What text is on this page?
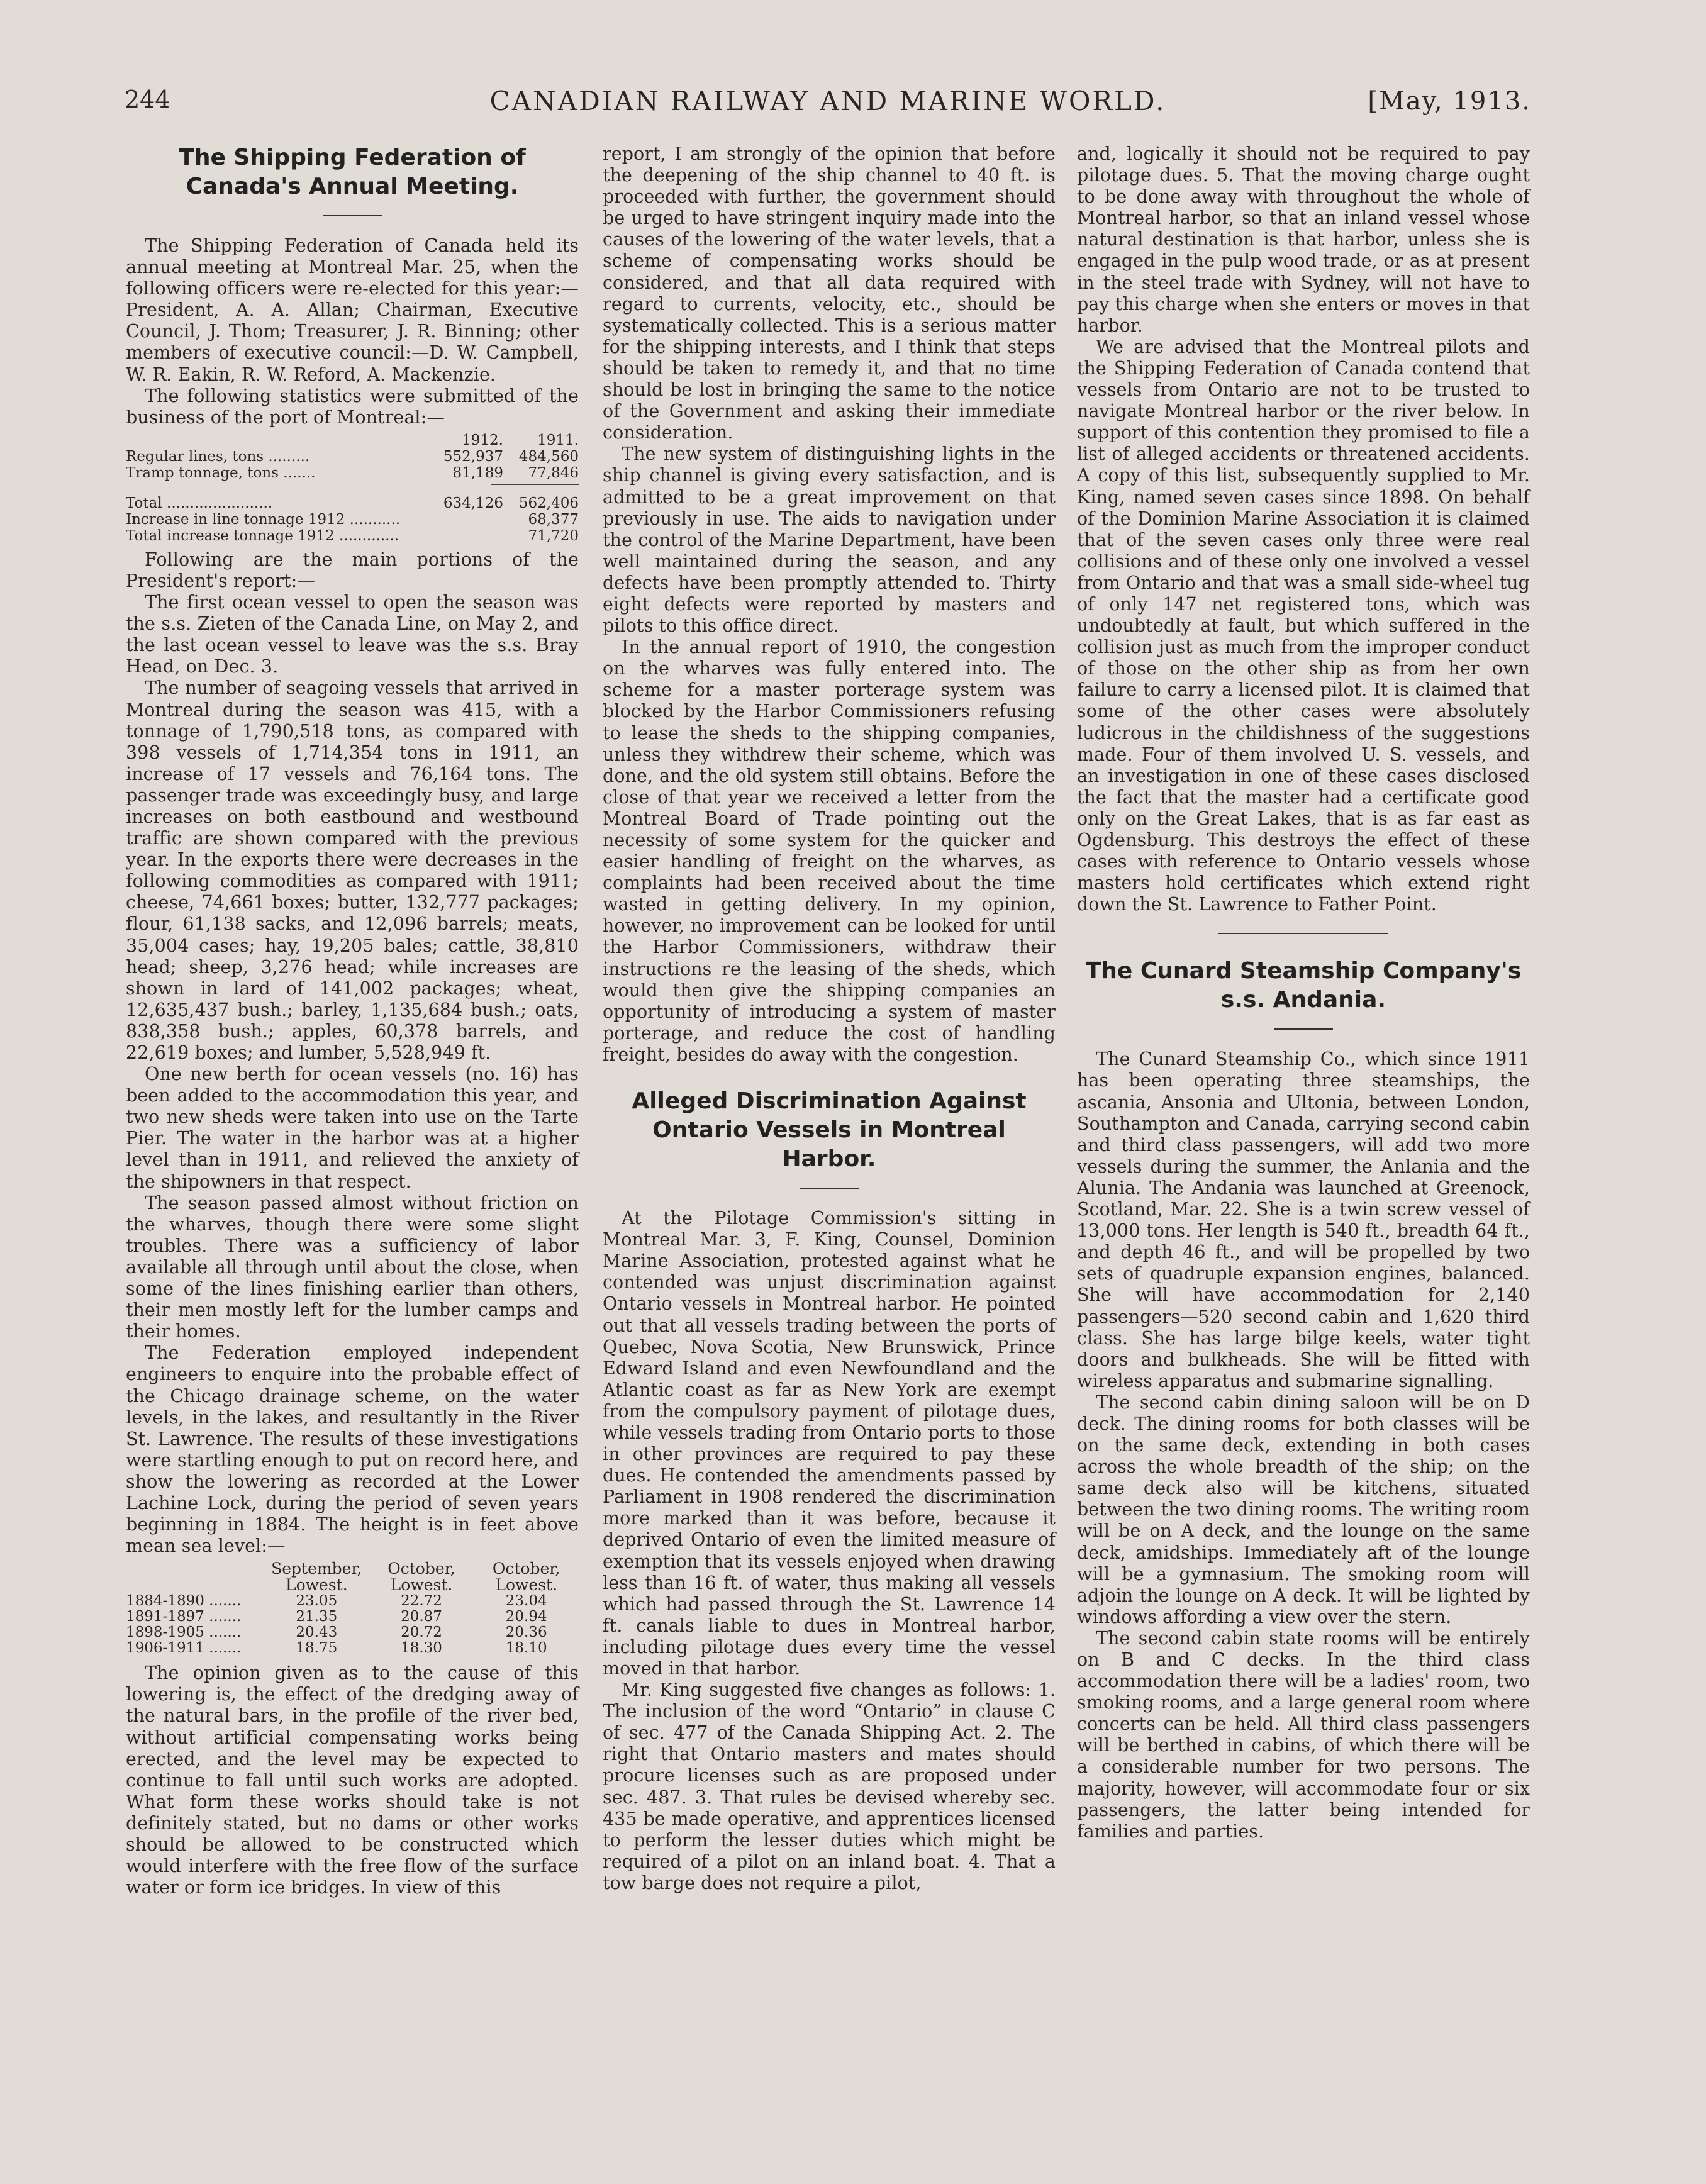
244	CANADIAN RAILWAY AND MARINE WORLD.	[May, 1913.
The Shipping Federation of Canada's Annual Meeting.

The Shipping Federation of Canada held its annual meeting at Montreal Mar. 25, when the following officers were re-elected for this year:—President, A. A. Allan; Chairman, Executive Council, J. Thom; Treasurer, J. R. Binning; other members of executive council:—D. W. Campbell, W. R. Eakin, R. W. Reford, A. Mackenzie.

The following statistics were submitted of the business of the port of Montreal:—

1912.	1911.
Regular lines, tons .........	552,937	484,560
Tramp tonnage, tons .......	81,189	77,846
Total .......................	634,126	562,406
Increase in line tonnage 1912 ...........	68,377
Total increase tonnage 1912 .............	71,720

Following are the main portions of the President's report:—

The first ocean vessel to open the season was the s.s. Zieten of the Canada Line, on May 2, and the last ocean vessel to leave was the s.s. Bray Head, on Dec. 3.

The number of seagoing vessels that arrived in Montreal during the season was 415, with a tonnage of 1,790,518 tons, as compared with 398 vessels of 1,714,354 tons in 1911, an increase of 17 vessels and 76,164 tons. The passenger trade was exceedingly busy, and large increases on both eastbound and westbound traffic are shown compared with the previous year. In the exports there were decreases in the following commodities as compared with 1911; cheese, 74,661 boxes; butter, 132,777 packages; flour, 61,138 sacks, and 12,096 barrels; meats, 35,004 cases; hay, 19,205 bales; cattle, 38,810 head; sheep, 3,276 head; while increases are shown in lard of 141,002 packages; wheat, 12,635,437 bush.; barley, 1,135,684 bush.; oats, 838,358 bush.; apples, 60,378 barrels, and 22,619 boxes; and lumber, 5,528,949 ft.

One new berth for ocean vessels (no. 16) has been added to the accommodation this year, and two new sheds were taken into use on the Tarte Pier. The water in the harbor was at a higher level than in 1911, and relieved the anxiety of the shipowners in that respect.

The season passed almost without friction on the wharves, though there were some slight troubles. There was a sufficiency of labor available all through until about the close, when some of the lines finishing earlier than others, their men mostly left for the lumber camps and their homes.

The Federation employed independent engineers to enquire into the probable effect of the Chicago drainage scheme, on the water levels, in the lakes, and resultantly in the River St. Lawrence. The results of these investigations were startling enough to put on record here, and show the lowering as recorded at the Lower Lachine Lock, during the period of seven years beginning in 1884. The height is in feet above mean sea level:—

September,	October,	October,
Lowest.	Lowest.	Lowest.
1884-1890 .......	23.05	22.72	23.04
1891-1897 .......	21.35	20.87	20.94
1898-1905 .......	20.43	20.72	20.36
1906-1911 .......	18.75	18.30	18.10

The opinion given as to the cause of this lowering is, the effect of the dredging away of the natural bars, in the profile of the river bed, without artificial compensating works being erected, and the level may be expected to continue to fall until such works are adopted. What form these works should take is not definitely stated, but no dams or other works should be allowed to be constructed which would interfere with the free flow of the surface water or form ice bridges. In view of this

report, I am strongly of the opinion that before the deepening of the ship channel to 40 ft. is proceeded with further, the government should be urged to have stringent inquiry made into the causes of the lowering of the water levels, that a scheme of compensating works should be considered, and that all data required with regard to currents, velocity, etc., should be systematically collected. This is a serious matter for the shipping interests, and I think that steps should be taken to remedy it, and that no time should be lost in bringing the same to the notice of the Government and asking their immediate consideration.

The new system of distinguishing lights in the ship channel is giving every satisfaction, and is admitted to be a great improvement on that previously in use. The aids to navigation under the control of the Marine Department, have been well maintained during the season, and any defects have been promptly attended to. Thirty eight defects were reported by masters and pilots to this office direct.

In the annual report of 1910, the congestion on the wharves was fully entered into. The scheme for a master porterage system was blocked by the Harbor Commissioners refusing to lease the sheds to the shipping companies, unless they withdrew their scheme, which was done, and the old system still obtains. Before the close of that year we received a letter from the Montreal Board of Trade pointing out the necessity of some system for the quicker and easier handling of freight on the wharves, as complaints had been received about the time wasted in getting delivery. In my opinion, however, no improvement can be looked for until the Harbor Commissioners, withdraw their instructions re the leasing of the sheds, which would then give the shipping companies an opportunity of introducing a system of master porterage, and reduce the cost of handling freight, besides do away with the congestion.

Alleged Discrimination Against Ontario Vessels in Montreal Harbor.

At the Pilotage Commission's sitting in Montreal Mar. 3, F. King, Counsel, Dominion Marine Association, protested against what he contended was unjust discrimination against Ontario vessels in Montreal harbor. He pointed out that all vessels trading between the ports of Quebec, Nova Scotia, New Brunswick, Prince Edward Island and even Newfoundland and the Atlantic coast as far as New York are exempt from the compulsory payment of pilotage dues, while vessels trading from Ontario ports to those in other provinces are required to pay these dues. He contended the amendments passed by Parliament in 1908 rendered the discrimination more marked than it was before, because it deprived Ontario of even the limited measure of exemption that its vessels enjoyed when drawing less than 16 ft. of water, thus making all vessels which had passed through the St. Lawrence 14 ft. canals liable to dues in Montreal harbor, including pilotage dues every time the vessel moved in that harbor.

Mr. King suggested five changes as follows: 1. The inclusion of the word “Ontario” in clause C of sec. 477 of the Canada Shipping Act. 2. The right that Ontario masters and mates should procure licenses such as are proposed under sec. 487. 3. That rules be devised whereby sec. 435 be made operative, and apprentices licensed to perform the lesser duties which might be required of a pilot on an inland boat. 4. That a tow barge does not require a pilot,

and, logically it should not be required to pay pilotage dues. 5. That the moving charge ought to be done away with throughout the whole of Montreal harbor, so that an inland vessel whose natural destination is that harbor, unless she is engaged in the pulp wood trade, or as at present in the steel trade with Sydney, will not have to pay this charge when she enters or moves in that harbor.

We are advised that the Montreal pilots and the Shipping Federation of Canada contend that vessels from Ontario are not to be trusted to navigate Montreal harbor or the river below. In support of this contention they promised to file a list of alleged accidents or threatened accidents. A copy of this list, subsequently supplied to Mr. King, named seven cases since 1898. On behalf of the Dominion Marine Association it is claimed that of the seven cases only three were real collisions and of these only one involved a vessel from Ontario and that was a small side-wheel tug of only 147 net registered tons, which was undoubtedly at fault, but which suffered in the collision just as much from the improper conduct of those on the other ship as from her own failure to carry a licensed pilot. It is claimed that some of the other cases were absolutely ludicrous in the childishness of the suggestions made. Four of them involved U. S. vessels, and an investigation in one of these cases disclosed the fact that the master had a certificate good only on the Great Lakes, that is as far east as Ogdensburg. This destroys the effect of these cases with reference to Ontario vessels whose masters hold certificates which extend right down the St. Lawrence to Father Point.

The Cunard Steamship Company's s.s. Andania.

The Cunard Steamship Co., which since 1911 has been operating three steamships, the ascania, Ansonia and Ultonia, between London, Southampton and Canada, carrying second cabin and third class passengers, will add two more vessels during the summer, the Anlania and the Alunia. The Andania was launched at Greenock, Scotland, Mar. 22. She is a twin screw vessel of 13,000 tons. Her length is 540 ft., breadth 64 ft., and depth 46 ft., and will be propelled by two sets of quadruple expansion engines, balanced. She will have accommodation for 2,140 passengers—520 second cabin and 1,620 third class. She has large bilge keels, water tight doors and bulkheads. She will be fitted with wireless apparatus and submarine signalling.

The second cabin dining saloon will be on D deck. The dining rooms for both classes will be on the same deck, extending in both cases across the whole breadth of the ship; on the same deck also will be kitchens, situated between the two dining rooms. The writing room will be on A deck, and the lounge on the same deck, amidships. Immediately aft of the lounge will be a gymnasium. The smoking room will adjoin the lounge on A deck. It will be lighted by windows affording a view over the stern.

The second cabin state rooms will be entirely on B and C decks. In the third class accommodation there will be a ladies' room, two smoking rooms, and a large general room where concerts can be held. All third class passengers will be berthed in cabins, of which there will be a considerable number for two persons. The majority, however, will accommodate four or six passengers, the latter being intended for families and parties.
